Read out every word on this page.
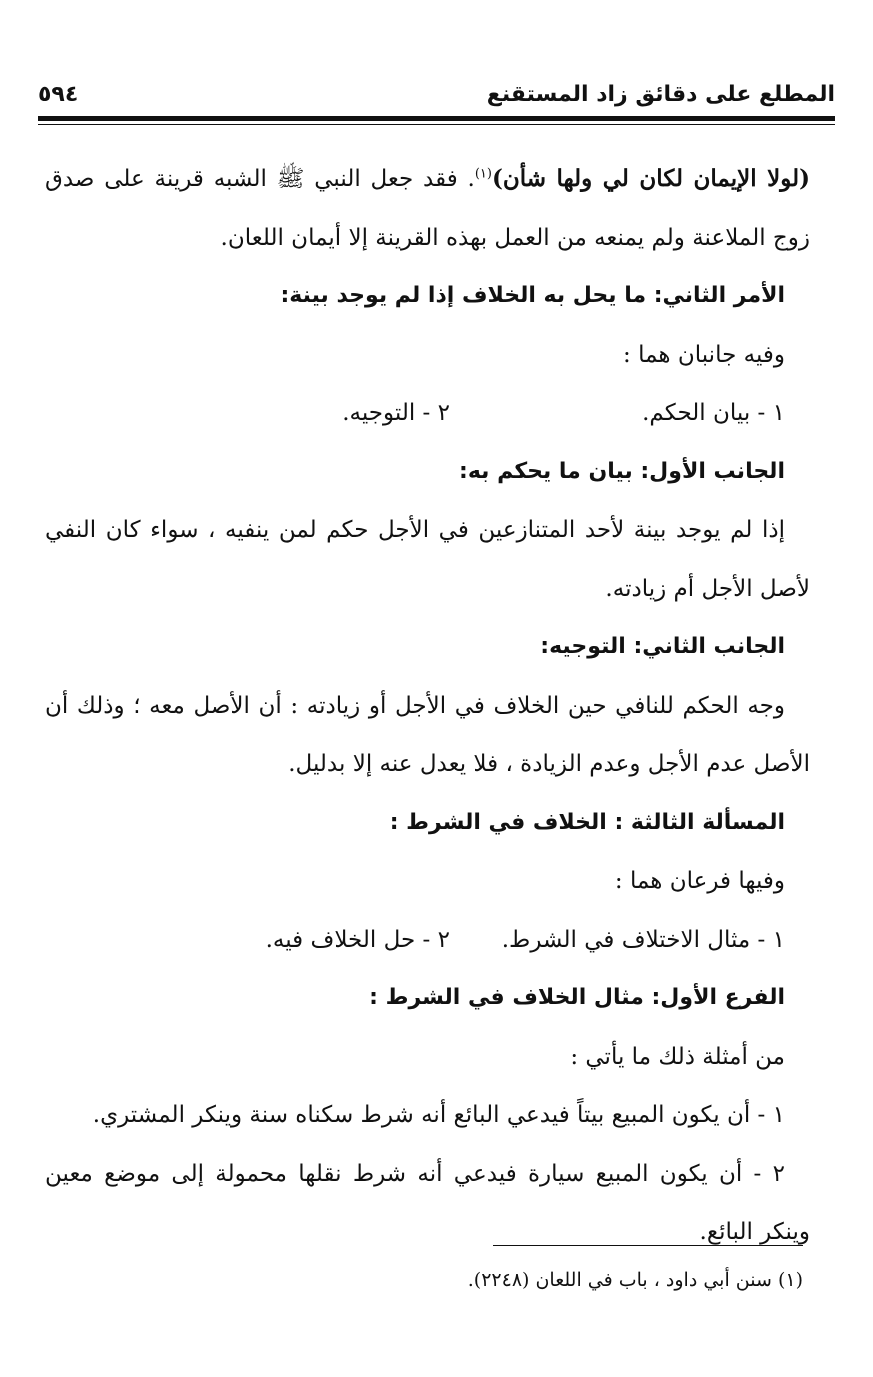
المطلع على دقائق زاد المستقنع
٥٩٤

(لولا الإيمان لكان لي ولها شأن)$^{(١)}$. فقد جعل النبي ﷺ الشبه قرينة على صدق زوج الملاعنة ولم يمنعه من العمل بهذه القرينة إلا أيمان اللعان.

الأمر الثاني: ما يحل به الخلاف إذا لم يوجد بينة:

وفيه جانبان هما :

١ - بيان الحكم.
٢ - التوجيه.

الجانب الأول: بيان ما يحكم به:

إذا لم يوجد بينة لأحد المتنازعين في الأجل حكم لمن ينفيه ، سواء كان النفي لأصل الأجل أم زيادته.

الجانب الثاني: التوجيه:

وجه الحكم للنافي حين الخلاف في الأجل أو زيادته : أن الأصل معه ؛ وذلك أن الأصل عدم الأجل وعدم الزيادة ، فلا يعدل عنه إلا بدليل.

المسألة الثالثة : الخلاف في الشرط :

وفيها فرعان هما :

١ - مثال الاختلاف في الشرط.
٢ - حل الخلاف فيه.

الفرع الأول: مثال الخلاف في الشرط :

من أمثلة ذلك ما يأتي :

١ - أن يكون المبيع بيتاً فيدعي البائع أنه شرط سكناه سنة وينكر المشتري.

٢ - أن يكون المبيع سيارة فيدعي أنه شرط نقلها محمولة إلى موضع معين وينكر البائع.

(١) سنن أبي داود ، باب في اللعان (٢٢٤٨).
